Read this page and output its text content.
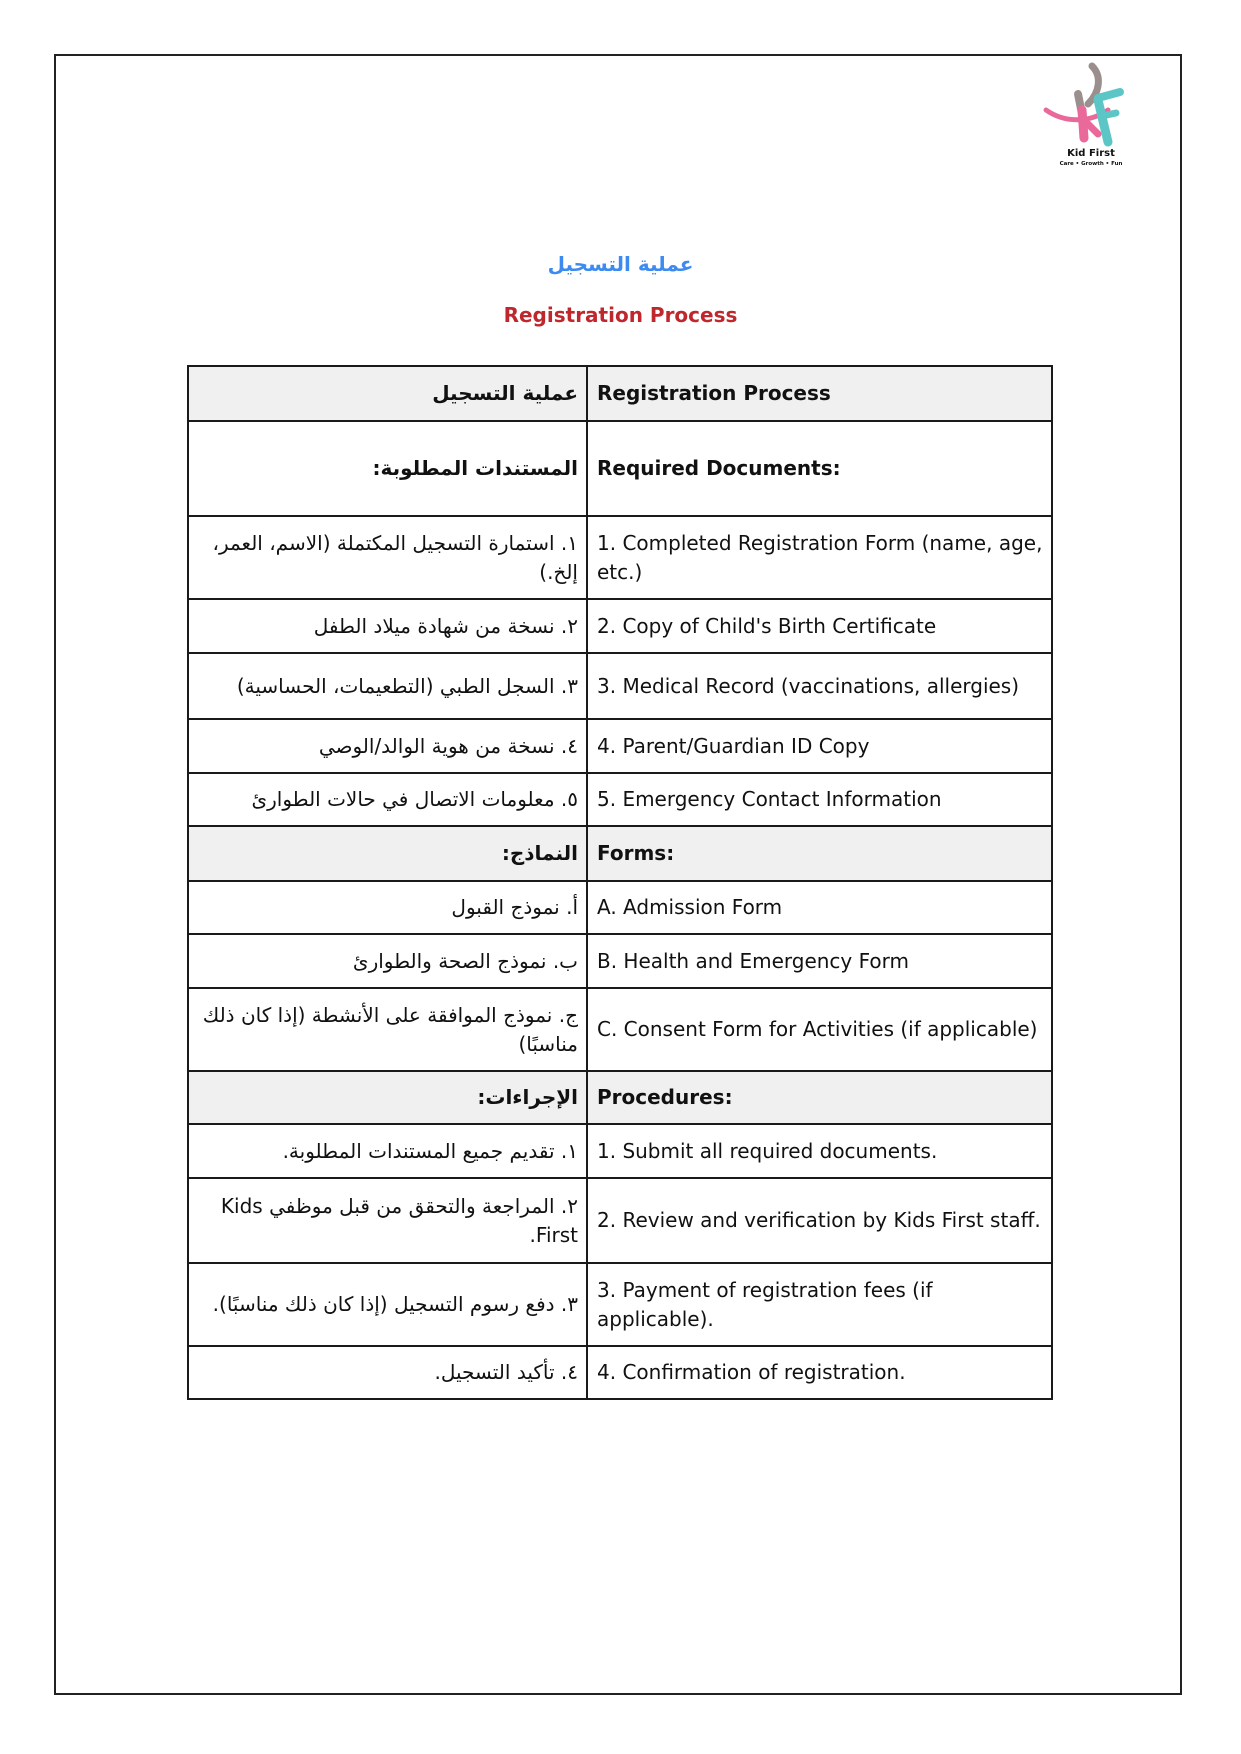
Kid First
Care • Growth • Fun
عملية التسجيل
Registration Process
عملية التسجيل	Registration Process
المستندات المطلوبة:	Required Documents:
١. استمارة التسجيل المكتملة (الاسم، العمر، إلخ.)	1. Completed Registration Form (name, age, etc.)
٢. نسخة من شهادة ميلاد الطفل	2. Copy of Child's Birth Certificate
٣. السجل الطبي (التطعيمات، الحساسية)	3. Medical Record (vaccinations, allergies)
٤. نسخة من هوية الوالد/الوصي	4. Parent/Guardian ID Copy
٥. معلومات الاتصال في حالات الطوارئ	5. Emergency Contact Information
النماذج:	Forms:
أ. نموذج القبول	A. Admission Form
ب. نموذج الصحة والطوارئ	B. Health and Emergency Form
ج. نموذج الموافقة على الأنشطة (إذا كان ذلك مناسبًا)	C. Consent Form for Activities (if applicable)
الإجراءات:	Procedures:
١. تقديم جميع المستندات المطلوبة.	1. Submit all required documents.
٢. المراجعة والتحقق من قبل موظفي Kids First.	2. Review and verification by Kids First staff.
٣. دفع رسوم التسجيل (إذا كان ذلك مناسبًا).	3. Payment of registration fees (if applicable).
٤. تأكيد التسجيل.	4. Confirmation of registration.
